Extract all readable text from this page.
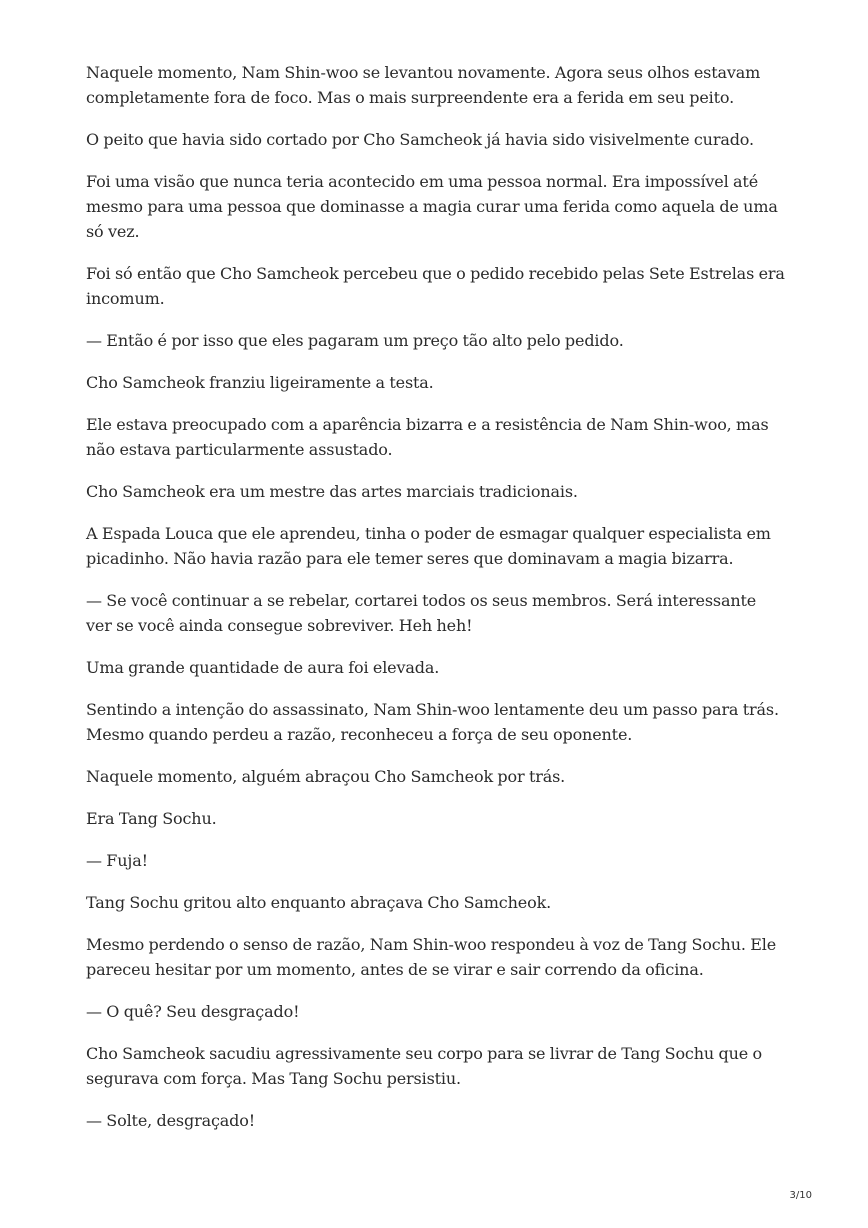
Naquele momento, Nam Shin-woo se levantou novamente. Agora seus olhos estavam completamente fora de foco. Mas o mais surpreendente era a ferida em seu peito.

O peito que havia sido cortado por Cho Samcheok já havia sido visivelmente curado.

Foi uma visão que nunca teria acontecido em uma pessoa normal. Era impossível até mesmo para uma pessoa que dominasse a magia curar uma ferida como aquela de uma só vez.

Foi só então que Cho Samcheok percebeu que o pedido recebido pelas Sete Estrelas era incomum.

— Então é por isso que eles pagaram um preço tão alto pelo pedido.

Cho Samcheok franziu ligeiramente a testa.

Ele estava preocupado com a aparência bizarra e a resistência de Nam Shin-woo, mas não estava particularmente assustado.

Cho Samcheok era um mestre das artes marciais tradicionais.

A Espada Louca que ele aprendeu, tinha o poder de esmagar qualquer especialista em picadinho. Não havia razão para ele temer seres que dominavam a magia bizarra.

— Se você continuar a se rebelar, cortarei todos os seus membros. Será interessante ver se você ainda consegue sobreviver. Heh heh!

Uma grande quantidade de aura foi elevada.

Sentindo a intenção do assassinato, Nam Shin-woo lentamente deu um passo para trás. Mesmo quando perdeu a razão, reconheceu a força de seu oponente.

Naquele momento, alguém abraçou Cho Samcheok por trás.

Era Tang Sochu.

— Fuja!

Tang Sochu gritou alto enquanto abraçava Cho Samcheok.

Mesmo perdendo o senso de razão, Nam Shin-woo respondeu à voz de Tang Sochu. Ele pareceu hesitar por um momento, antes de se virar e sair correndo da oficina.

— O quê? Seu desgraçado!

Cho Samcheok sacudiu agressivamente seu corpo para se livrar de Tang Sochu que o segurava com força. Mas Tang Sochu persistiu.

— Solte, desgraçado!

3/10
